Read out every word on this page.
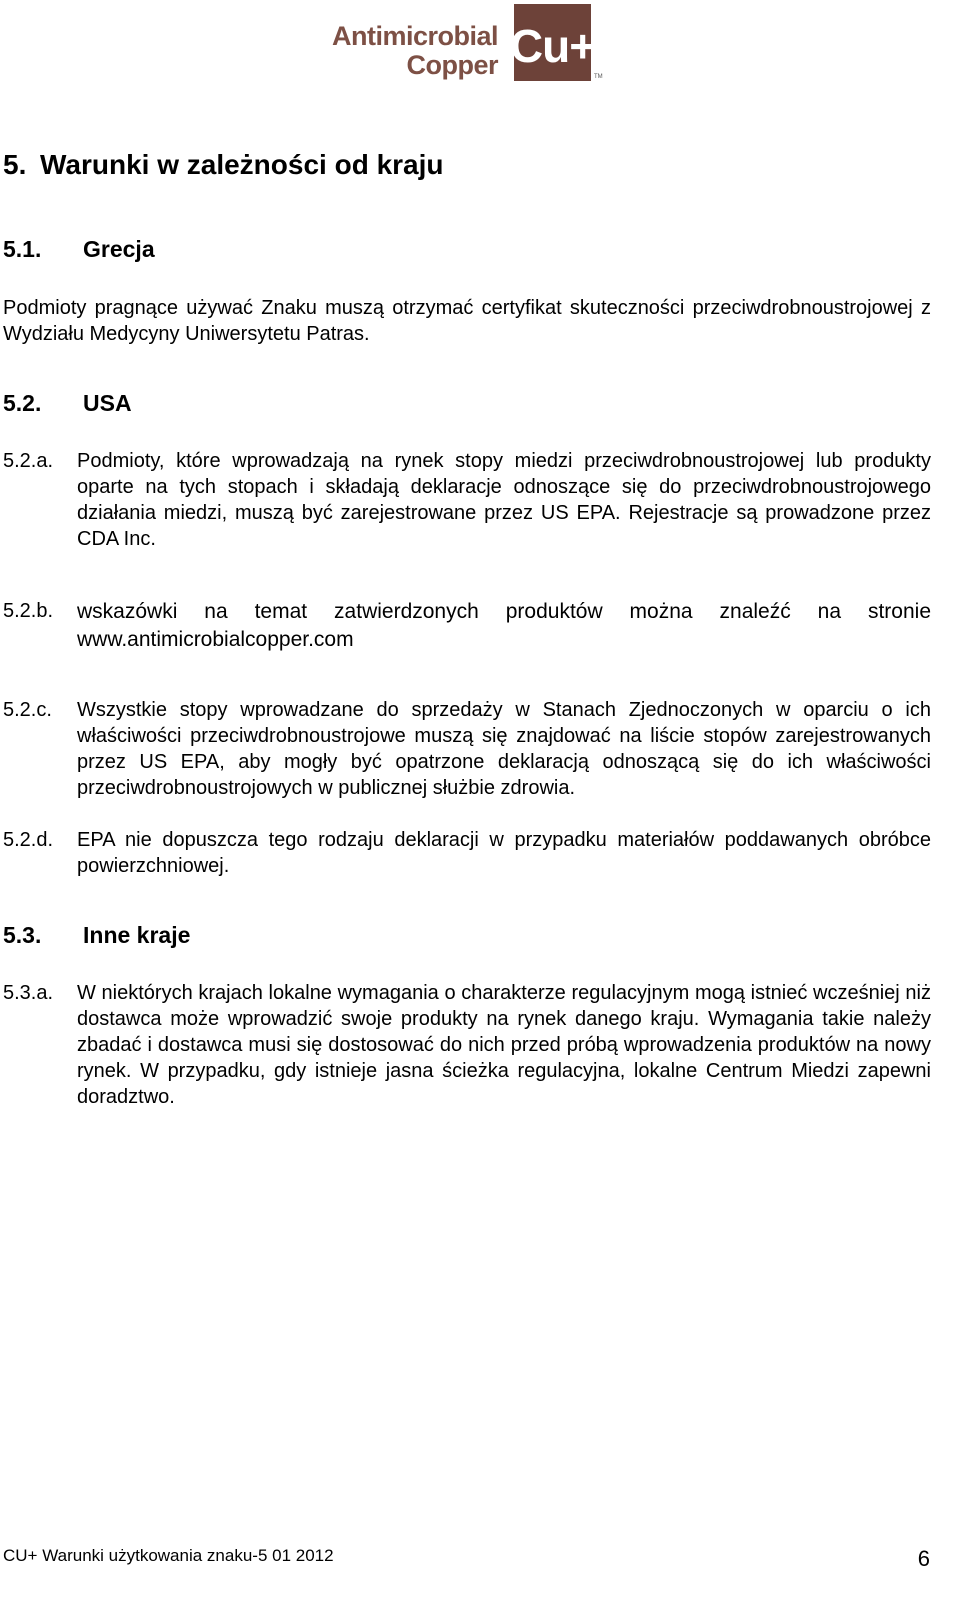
Antimicrobial
Copper Cu+
TM
5. Warunki w zależności od kraju
5.1. Grecja
Podmioty pragnące używać Znaku muszą otrzymać certyfikat skuteczności przeciwdrobnoustrojowej z Wydziału Medycyny Uniwersytetu Patras.
5.2. USA
5.2.a. Podmioty, które wprowadzają na rynek stopy miedzi przeciwdrobnoustrojowej lub produkty oparte na tych stopach i składają deklaracje odnoszące się do przeciwdrobnoustrojowego działania miedzi, muszą być zarejestrowane przez US EPA. Rejestracje są prowadzone przez CDA Inc.
5.2.b. wskazówki na temat zatwierdzonych produktów można znaleźć na stronie www.antimicrobialcopper.com
5.2.c. Wszystkie stopy wprowadzane do sprzedaży w Stanach Zjednoczonych w oparciu o ich właściwości przeciwdrobnoustrojowe muszą się znajdować na liście stopów zarejestrowanych przez US EPA, aby mogły być opatrzone deklaracją odnoszącą się do ich właściwości przeciwdrobnoustrojowych w publicznej służbie zdrowia.
5.2.d. EPA nie dopuszcza tego rodzaju deklaracji w przypadku materiałów poddawanych obróbce powierzchniowej.
5.3. Inne kraje
5.3.a. W niektórych krajach lokalne wymagania o charakterze regulacyjnym mogą istnieć wcześniej niż dostawca może wprowadzić swoje produkty na rynek danego kraju. Wymagania takie należy zbadać i dostawca musi się dostosować do nich przed próbą wprowadzenia produktów na nowy rynek. W przypadku, gdy istnieje jasna ścieżka regulacyjna, lokalne Centrum Miedzi zapewni doradztwo.
CU+ Warunki użytkowania znaku-5 01 2012	6
